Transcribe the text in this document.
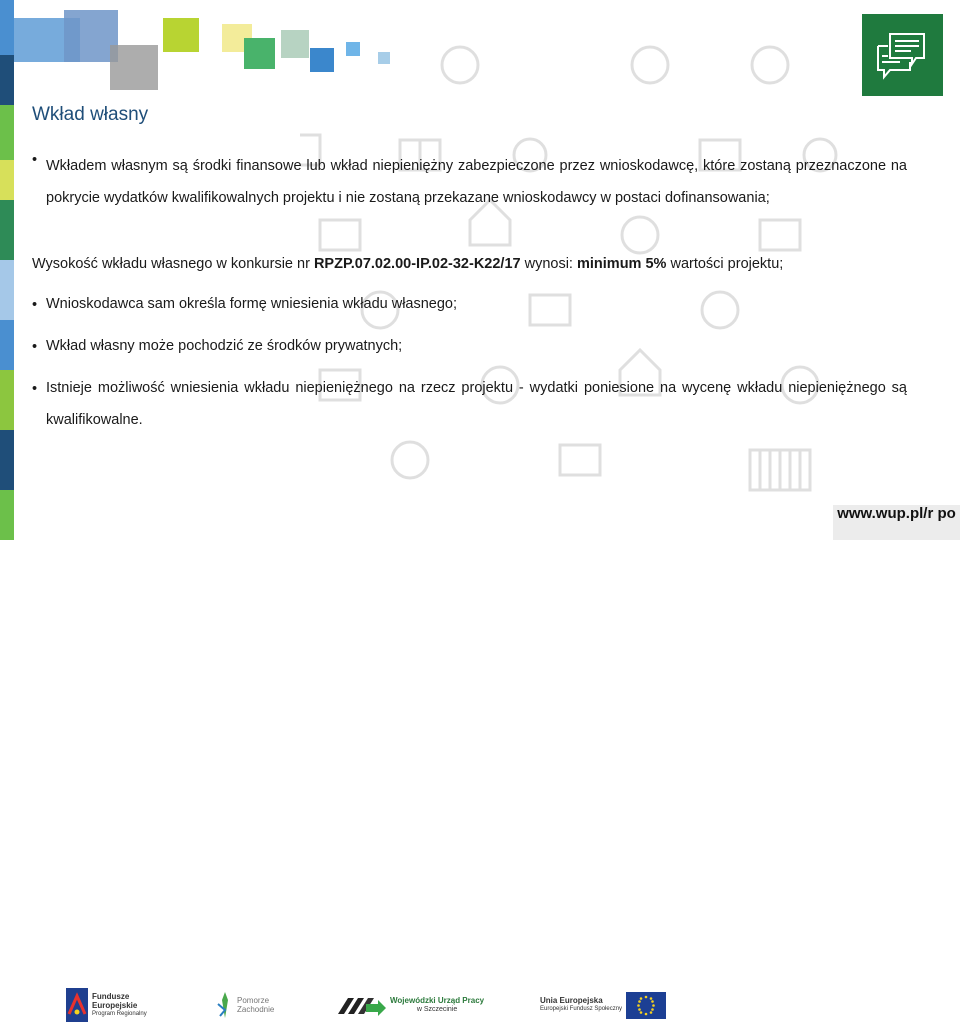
Wkład własny
• Wkładem własnym są środki finansowe lub wkład niepieniężny zabezpieczone przez wnioskodawcę, które zostaną przeznaczone na pokrycie wydatków kwalifikowalnych projektu i nie zostaną przekazane wnioskodawcy w postaci dofinansowania;
Wysokość wkładu własnego w konkursie nr RPZP.07.02.00-IP.02-32-K22/17 wynosi: minimum 5% wartości projektu;
• Wnioskodawca sam określa formę wniesienia wkładu własnego;
• Wkład własny może pochodzić ze środków prywatnych;
• Istnieje możliwość wniesienia wkładu niepieniężnego na rzecz projektu - wydatki poniesione na wycenę wkładu niepieniężnego są kwalifikowalne.
Fundusze
Europejskie
Program Regionalny
Pomorze
Zachodnie
Wojewódzki Urząd Pracy
w Szczecinie
Unia Europejska
Europejski Fundusz Społeczny
www.wup.pl/r po
